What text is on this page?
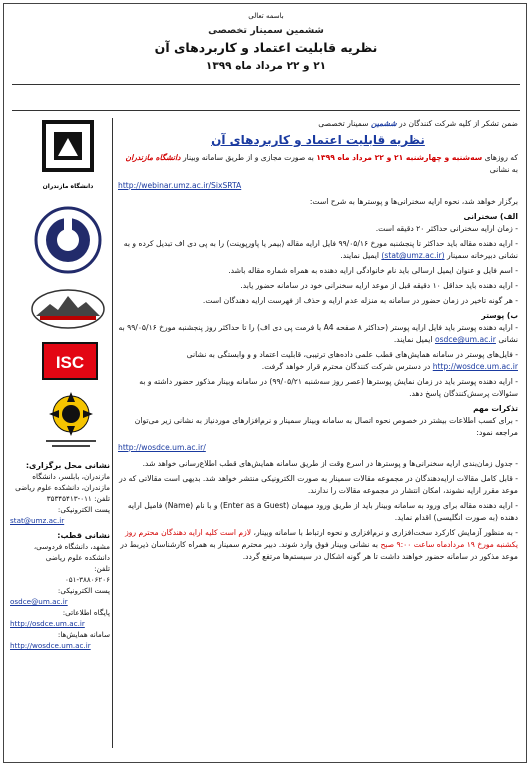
باسمه تعالی
ششمین سمینار تخصصی
نظریه قابلیت اعتماد و کاربردهای آن
۲۱ و ۲۲ مرداد ماه ۱۳۹۹
دانشگاه مازندران
ISC
نشانی محل برگزاری:
مازندران، بابلسر، دانشگاه مازندران، دانشکده علوم ریاضی
تلفن: ۰۱۱-۳۵۳۴۵۴۱۳
پست الکترونیکی:
stat@umz.ac.ir
نشانی قطب:
مشهد، دانشگاه فردوسی، دانشکده علوم ریاضی
تلفن:
۰۵۱-۳۸۸۰۶۲۰۶
پست الکترونیکی:
osdce@um.ac.ir
پایگاه اطلاعاتی:
http://osdce.um.ac.ir
سامانه همایش‌ها:
http://wosdce.um.ac.ir

ضمن تشکر از کلیه شرکت کنندگان در ششمین سمینار تخصصی

نظریه قابلیت اعتماد و کاربردهای آن

که روزهای سه‌شنبه و چهارشنبه ۲۱ و ۲۲ مرداد ماه ۱۳۹۹ به صورت مجازی و از طریق سامانه وبینار دانشگاه مازندران به نشانی

http://webinar.umz.ac.ir/SixSRTA

برگزار خواهد شد، نحوه ارایه سخنرانی‌ها و پوسترها به شرح است:

الف) سخنرانی

- زمان ارایه سخنرانی حداکثر ۲۰ دقیقه است.

- ارایه دهنده مقاله باید حداکثر تا پنجشنبه مورخ ۹۹/۰۵/۱۶ فایل ارایه مقاله (بیمر یا پاورپوینت) را به پی دی اف تبدیل کرده و به نشانی دبیرخانه سمینار (stat@umz.ac.ir) ایمیل نمایند.

- اسم فایل و عنوان ایمیل ارسالی باید نام خانوادگی ارایه دهنده به همراه شماره مقاله باشد.

- ارایه دهنده باید حداقل ۱۰ دقیقه قبل از موعد ارایه سخنرانی خود در سامانه حضور یابد.

- هر گونه تاخیر در زمان حضور در سامانه به منزله عدم ارایه و حذف از فهرست ارایه دهندگان است.

ب) پوستر

- ارایه دهنده پوستر باید فایل ارایه پوستر (حداکثر ۸ صفحه A4 با فرمت پی دی اف) را تا حداکثر روز پنجشنبه مورخ ۹۹/۰۵/۱۶ به نشانی osdce@um.ac.ir ایمیل نمایند.

- فایل‌های پوستر در سامانه همایش‌های قطب علمی داده‌های ترتیبی، قابلیت اعتماد و و وابستگی به نشانی http://wosdce.um.ac.ir در دسترس شرکت کنندگان محترم قرار خواهد گرفت.

- ارایه دهنده پوستر باید در زمان نمایش پوسترها (عصر روز سه‌شنبه ۹۹/۰۵/۲۱) در سامانه وبینار مذکور حضور داشته و به سئوالات پرسش‌کنندگان پاسخ دهد.

تذکرات مهم

- برای کسب اطلاعات بیشتر در خصوص نحوه اتصال به سامانه وبینار سمینار و نرم‌افزارهای موردنیاز به نشانی زیر می‌توان مراجعه نمود:

http://wosdce.um.ac.ir/

- جدول زمان‌بندی ارایه سخنرانی‌ها و پوسترها در اسرع وقت از طریق سامانه همایش‌های قطب اطلاع‌رسانی خواهد شد.

- قابل کامل مقالات ارایه‌دهندگان در مجموعه مقالات سمینار به صورت الکترونیکی منتشر خواهد شد. بدیهی است مقالاتی که در موعد مقرر ارایه نشوند، امکان انتشار در مجموعه مقالات را ندارند.

- ارایه دهنده مقاله برای ورود به سامانه وبینار باید از طریق ورود میهمان (Enter as a Guest) و با نام (Name) فامیل ارایه دهنده (به صورت انگلیسی) اقدام نماید.

- به منظور آزمایش کارکرد سخت‌افزاری و نرم‌افزاری و نحوه ارتباط با سامانه وبینار، لازم است کلیه ارایه دهندگان محترم روز یکشنبه مورخ ۱۹ مردادماه ساعت ۹:۰۰ صبح به نشانی وبینار فوق وارد شوند. دبیر محترم سمینار به همراه کارشناسان ذیربط در موعد مذکور در سامانه حضور خواهند داشت تا هر گونه اشکال در سیستم‌ها مرتفع گردد.
